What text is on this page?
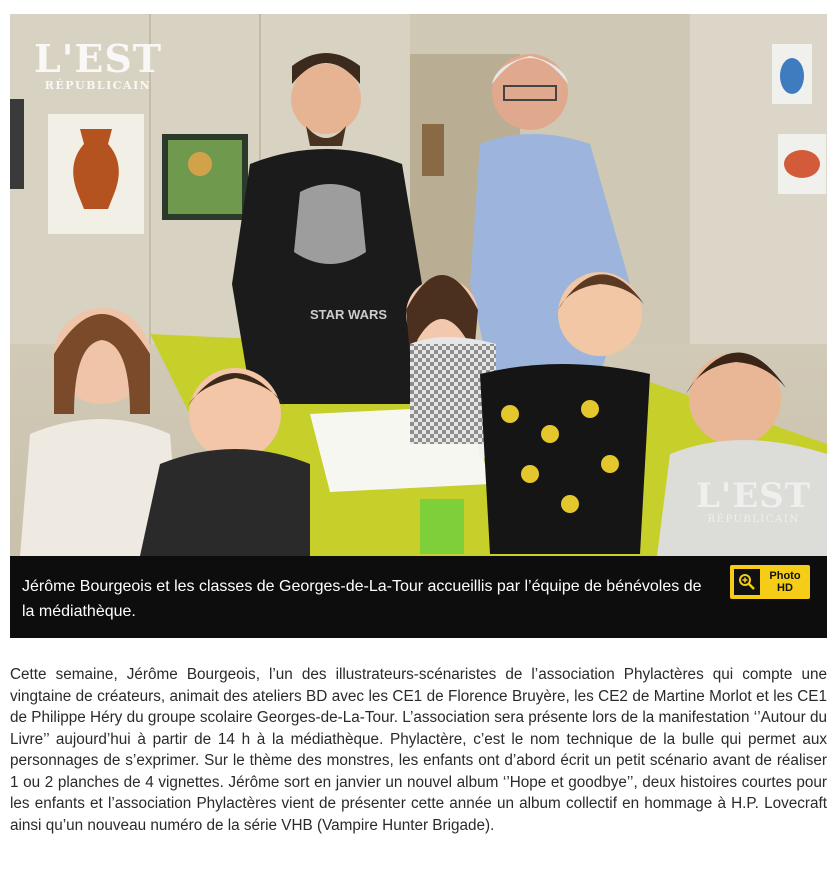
STAR WARS
L'EST
RÉPUBLICAIN
L'EST
RÉPUBLICAIN
Jérôme Bourgeois et les classes de Georges-de-La-Tour accueillis par l’équipe de bénévoles de la médiathèque.
Photo
HD

Cette semaine, Jérôme Bourgeois, l’un des illustrateurs-scénaristes de l’association Phylactères qui compte une vingtaine de créateurs, animait des ateliers BD avec les CE1 de Florence Bruyère, les CE2 de Martine Morlot et les CE1 de Philippe Héry du groupe scolaire Georges-de-La-Tour. L’association sera présente lors de la manifestation ‘’Autour du Livre’’ aujourd’hui à partir de 14 h à la médiathèque. Phylactère, c’est le nom technique de la bulle qui permet aux personnages de s’exprimer. Sur le thème des monstres, les enfants ont d’abord écrit un petit scénario avant de réaliser 1 ou 2 planches de 4 vignettes. Jérôme sort en janvier un nouvel album ‘’Hope et goodbye’’, deux histoires courtes pour les enfants et l’association Phylactères vient de présenter cette année un album collectif en hommage à H.P. Lovecraft ainsi qu’un nouveau numéro de la série VHB (Vampire Hunter Brigade).
